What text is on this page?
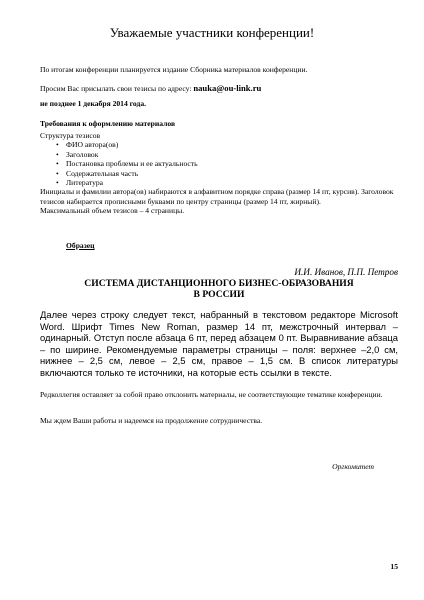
Уважаемые участники конференции!

По итогам конференции планируется издание Сборника материалов конференции.

Просим Вас присылать свои тезисы по адресу: nauka@ou-link.ru

не позднее 1 декабря 2014 года.

Требования к оформлению материалов

Структура тезисов
• ФИО автора(ов)
• Заголовок
• Постановка проблемы и ее актуальность
• Содержательная часть
• Литература
Инициалы и фамилии автора(ов) набираются в алфавитном порядке справа (размер 14 пт, курсив). Заголовок тезисов набирается прописными буквами по центру страницы (размер 14 пт, жирный).
Максимальный объем тезисов – 4 страницы.

Образец

И.И. Иванов, П.П. Петров

СИСТЕМА ДИСТАНЦИОННОГО БИЗНЕС-ОБРАЗОВАНИЯ
В РОССИИ

Далее через строку следует текст, набранный в текстовом редакторе Microsoft Word. Шрифт Times New Roman, размер 14 пт, межстрочный интервал – одинарный. Отступ после абзаца 6 пт, перед абзацем 0 пт. Выравнивание абзаца – по ширине. Рекомендуемые параметры страницы – поля: верхнее –2,0 см, нижнее – 2,5 см, левое – 2,5 см, правое – 1,5 см. В список литературы включаются только те источники, на которые есть ссылки в тексте.

Редколлегия оставляет за собой право отклонить материалы, не соответствующие тематике конференции.

Мы ждем Ваши работы и надеемся на продолжение сотрудничества.

Оргкомитет

15
